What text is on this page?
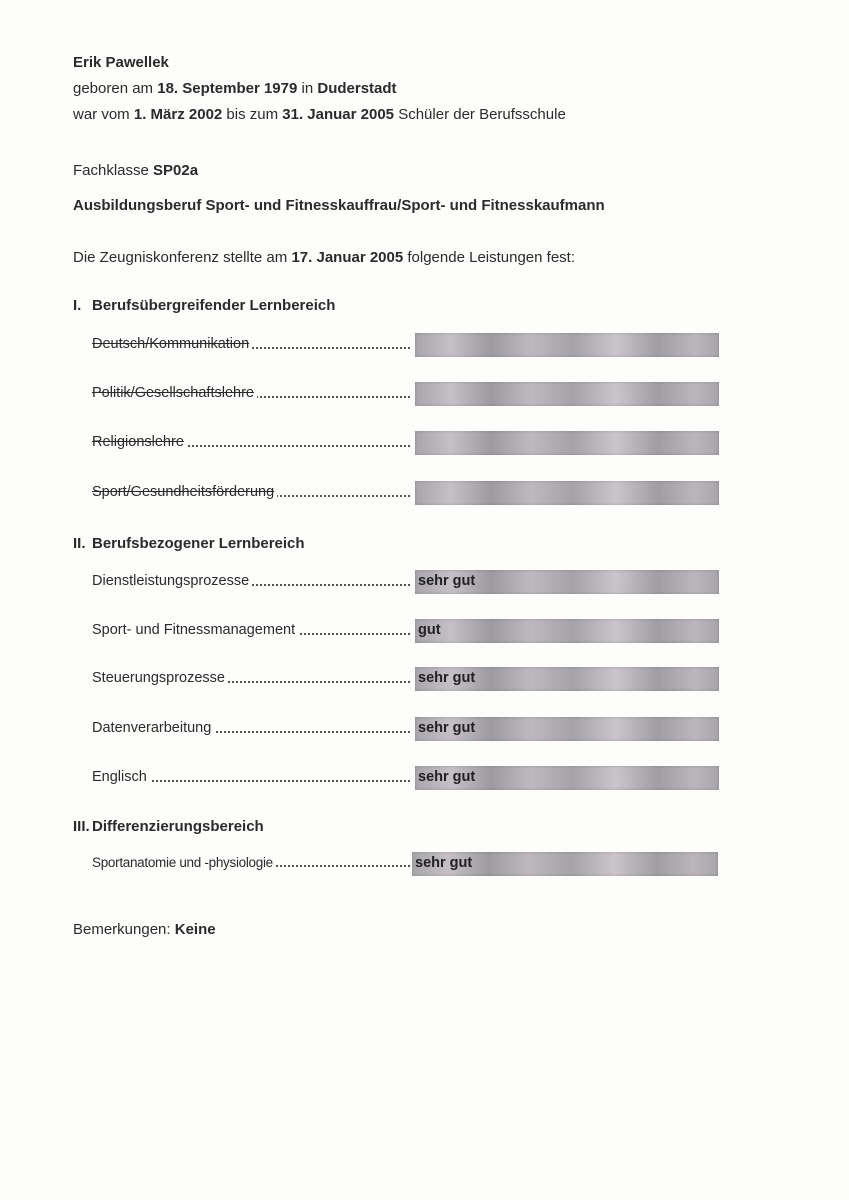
Erik Pawellek
geboren am 18. September 1979 in Duderstadt
war vom 1. März 2002 bis zum 31. Januar 2005 Schüler der Berufsschule
Fachklasse SP02a
Ausbildungsberuf Sport- und Fitnesskauffrau/Sport- und Fitnesskaufmann
Die Zeugniskonferenz stellte am 17. Januar 2005 folgende Leistungen fest:
I. Berufsübergreifender Lernbereich
Deutsch/Kommunikation
Politik/Gesellschaftslehre
Religionslehre
Sport/Gesundheitsförderung
II. Berufsbezogener Lernbereich
Dienstleistungsprozesse	sehr gut
Sport- und Fitnessmanagement	gut
Steuerungsprozesse	sehr gut
Datenverarbeitung	sehr gut
Englisch	sehr gut
III. Differenzierungsbereich
Sportanatomie und -physiologie	sehr gut
Bemerkungen: Keine
